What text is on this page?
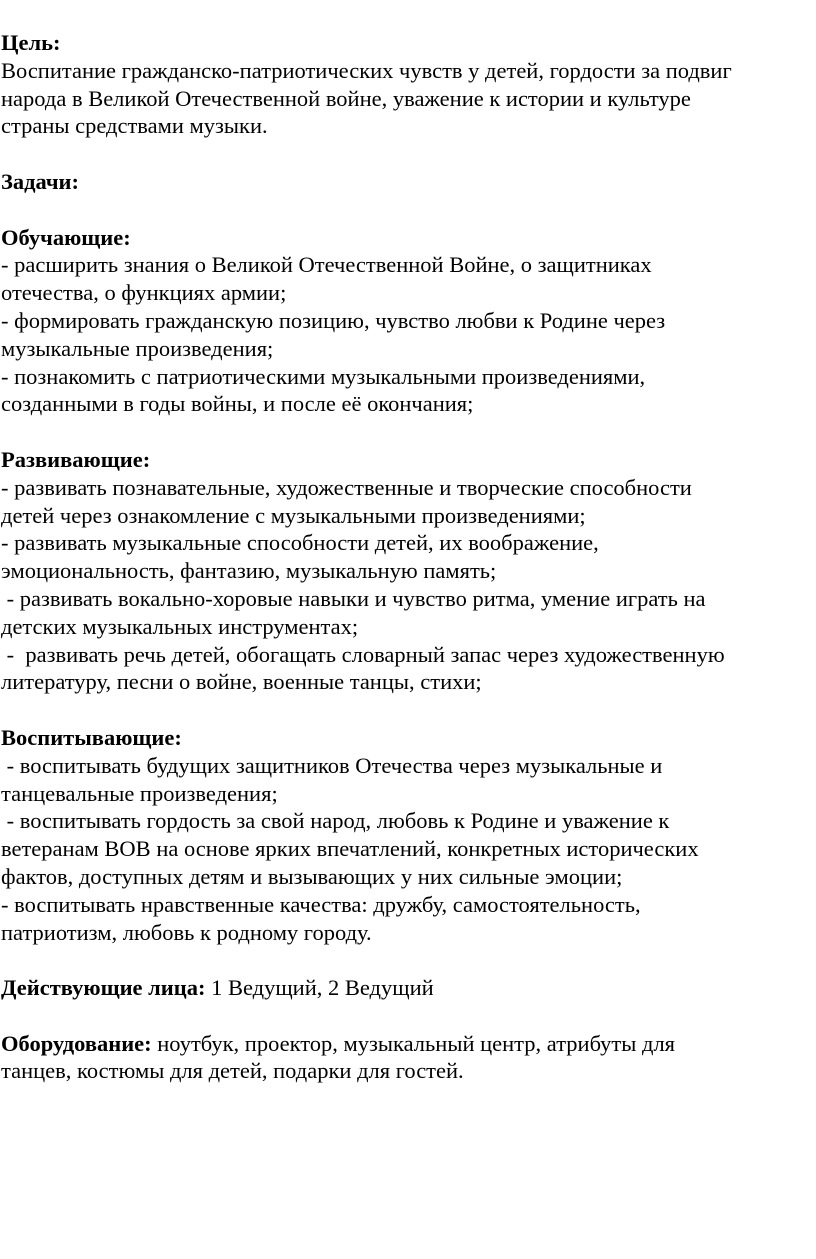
Цель:
Воспитание гражданско-патриотических чувств у детей, гордости за подвиг
народа в Великой Отечественной войне, уважение к истории и культуре
страны средствами музыки.
Задачи:
Обучающие:
- расширить знания о Великой Отечественной Войне, о защитниках
отечества, о функциях армии;
- формировать гражданскую позицию, чувство любви к Родине через
музыкальные произведения;
- познакомить с патриотическими музыкальными произведениями,
созданными в годы войны, и после её окончания;
Развивающие:
- развивать познавательные, художественные и творческие способности
детей через ознакомление с музыкальными произведениями;
- развивать музыкальные способности детей, их воображение,
эмоциональность, фантазию, музыкальную память;
- развивать вокально-хоровые навыки и чувство ритма, умение играть на
детских музыкальных инструментах;
-  развивать речь детей, обогащать словарный запас через художественную
литературу, песни о войне, военные танцы, стихи;
Воспитывающие:
- воспитывать будущих защитников Отечества через музыкальные и
танцевальные произведения;
- воспитывать гордость за свой народ, любовь к Родине и уважение к
ветеранам ВОВ на основе ярких впечатлений, конкретных исторических
фактов, доступных детям и вызывающих у них сильные эмоции;
- воспитывать нравственные качества: дружбу, самостоятельность,
патриотизм, любовь к родному городу.
Действующие лица: 1 Ведущий, 2 Ведущий
Оборудование: ноутбук, проектор, музыкальный центр, атрибуты для
танцев, костюмы для детей, подарки для гостей.
